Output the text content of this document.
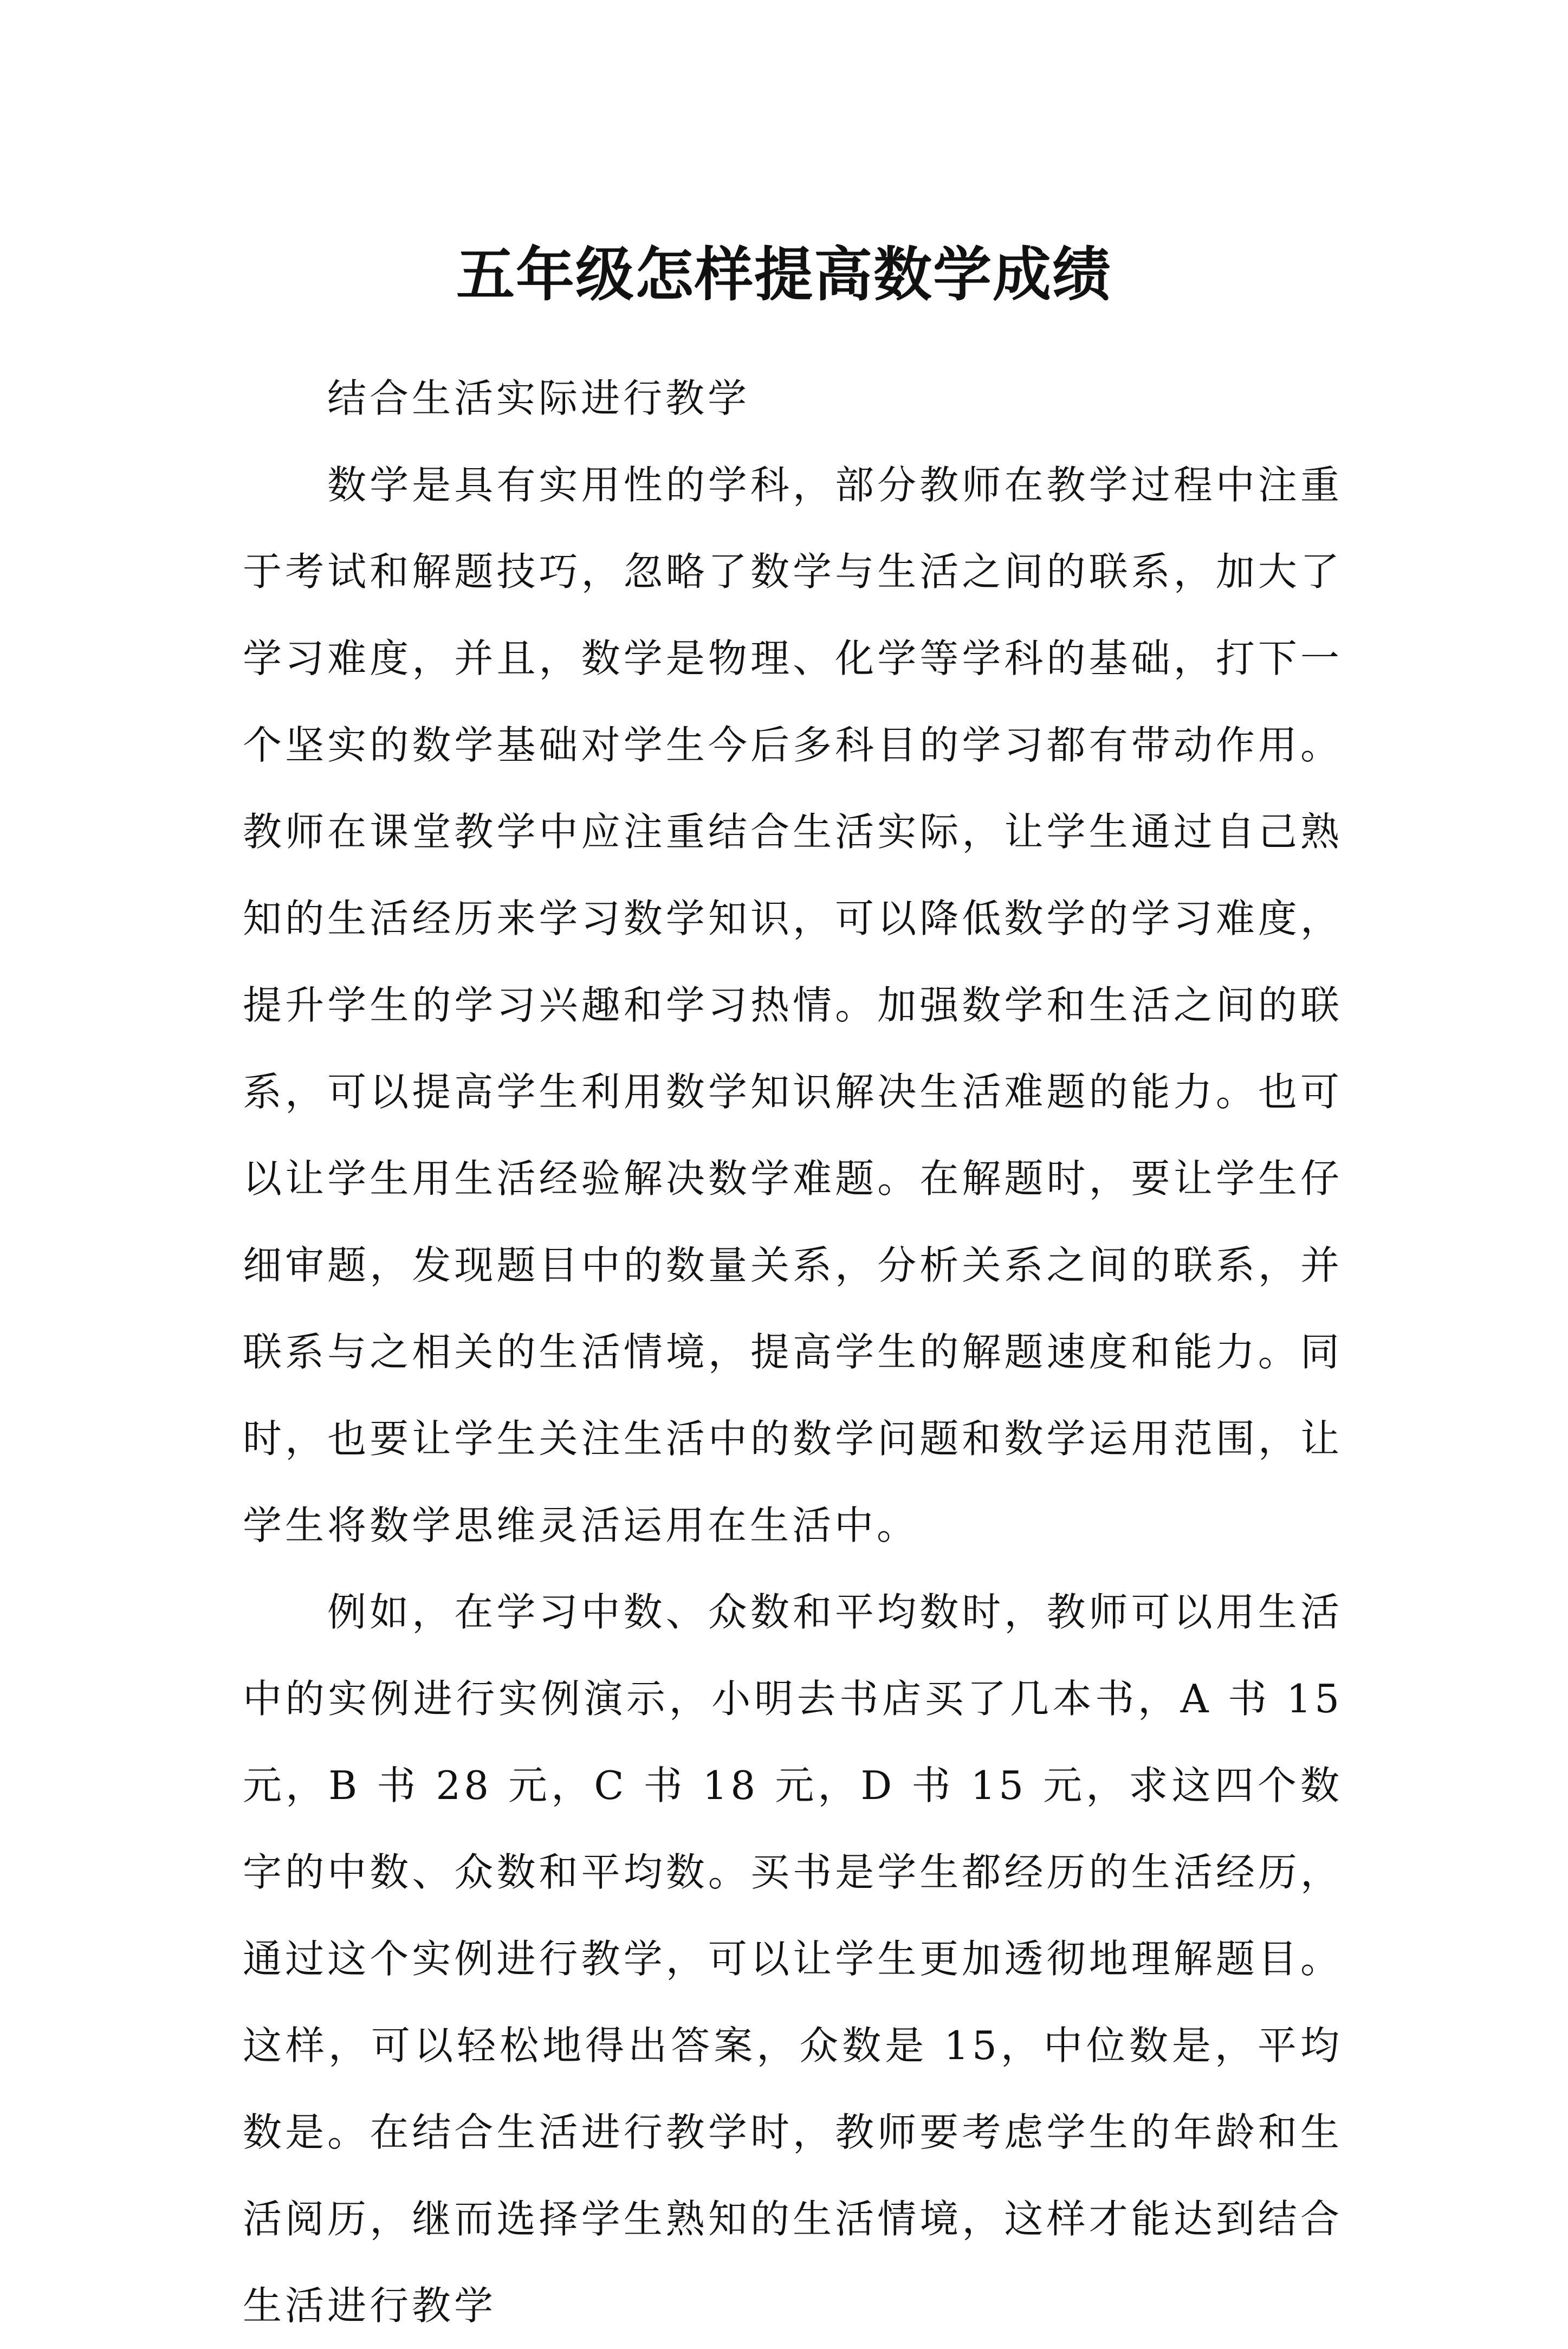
五年级怎样提高数学成绩

结合生活实际进行教学

数学是具有实用性的学科，部分教师在教学过程中注重于考试和解题技巧，忽略了数学与生活之间的联系，加大了学习难度，并且，数学是物理、化学等学科的基础，打下一个坚实的数学基础对学生今后多科目的学习都有带动作用。教师在课堂教学中应注重结合生活实际，让学生通过自己熟知的生活经历来学习数学知识，可以降低数学的学习难度，提升学生的学习兴趣和学习热情。加强数学和生活之间的联系，可以提高学生利用数学知识解决生活难题的能力。也可以让学生用生活经验解决数学难题。在解题时，要让学生仔细审题，发现题目中的数量关系，分析关系之间的联系，并联系与之相关的生活情境，提高学生的解题速度和能力。同时，也要让学生关注生活中的数学问题和数学运用范围，让学生将数学思维灵活运用在生活中。

例如，在学习中数、众数和平均数时，教师可以用生活中的实例进行实例演示，小明去书店买了几本书，A 书 15 元，B 书 28 元，C 书 18 元，D 书 15 元，求这四个数字的中数、众数和平均数。买书是学生都经历的生活经历，通过这个实例进行教学，可以让学生更加透彻地理解题目。这样，可以轻松地得出答案，众数是 15，中位数是，平均数是。在结合生活进行教学时，教师要考虑学生的年龄和生活阅历，继而选择学生熟知的生活情境，这样才能达到结合生活进行教学
